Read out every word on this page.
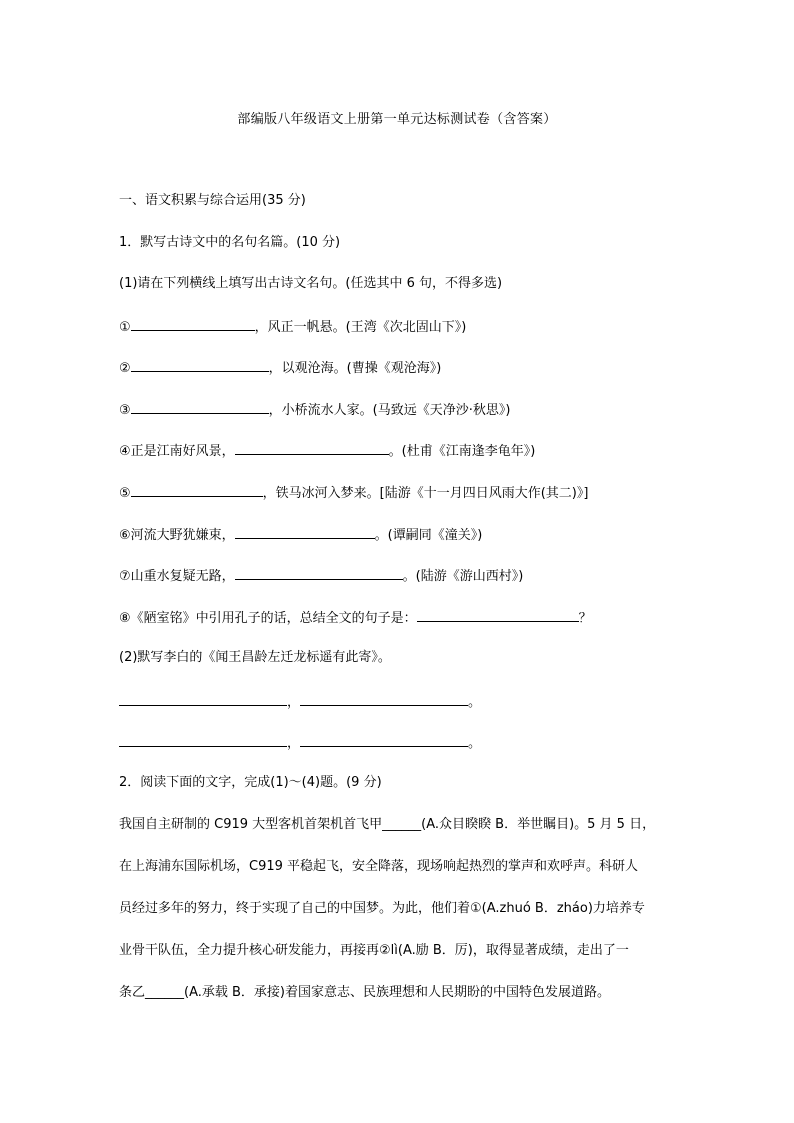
部编版八年级语文上册第一单元达标测试卷（含答案）
一、语文积累与综合运用(35 分)
1．默写古诗文中的名句名篇。(10 分)
(1)请在下列横线上填写出古诗文名句。(任选其中 6 句，不得多选)
①	，风正一帆悬。(王湾《次北固山下》)
②	，以观沧海。(曹操《观沧海》)
③	，小桥流水人家。(马致远《天净沙·秋思》)
④正是江南好风景，	。(杜甫《江南逢李龟年》)
⑤	，铁马冰河入梦来。[陆游《十一月四日风雨大作(其二)》]
⑥河流大野犹嫌束，	。(谭嗣同《潼关》)
⑦山重水复疑无路，	。(陆游《游山西村》)
⑧《陋室铭》中引用孔子的话，总结全文的句子是：	？
(2)默写李白的《闻王昌龄左迁龙标遥有此寄》。
，	。
，	。
2．阅读下面的文字，完成(1)～(4)题。(9 分)
我国自主研制的 C919 大型客机首架机首飞甲______(A.众目睽睽 B．举世瞩目)。5 月 5 日，
在上海浦东国际机场，C919 平稳起飞，安全降落，现场响起热烈的掌声和欢呼声。科研人
员经过多年的努力，终于实现了自己的中国梦。为此，他们着①(A.zhuó B．zháo)力培养专
业骨干队伍，全力提升核心研发能力，再接再②lì(A.励 B．厉)，取得显著成绩，走出了一
条乙______(A.承载 B．承接)着国家意志、民族理想和人民期盼的中国特色发展道路。
